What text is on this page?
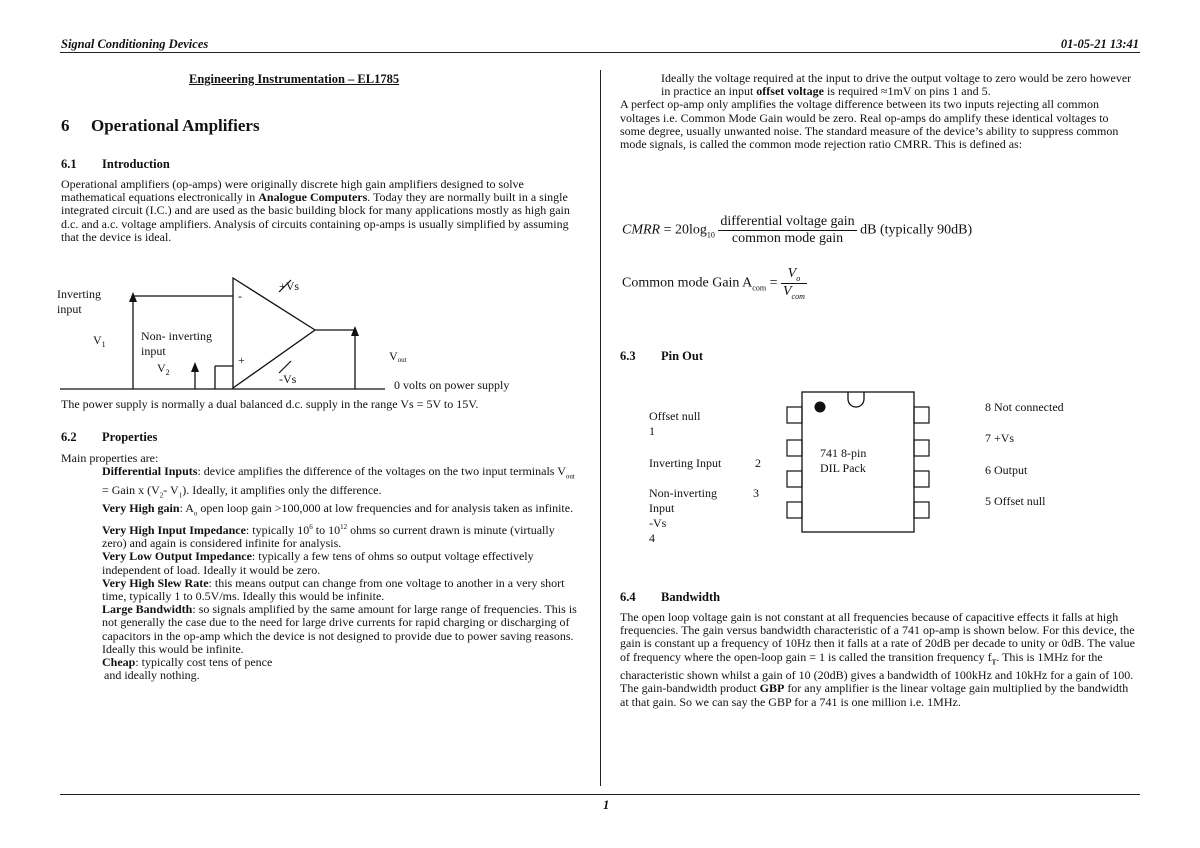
Signal Conditioning Devices	01-05-21 13:41
Engineering Instrumentation – EL1785
6 Operational Amplifiers
6.1 Introduction

Operational amplifiers (op-amps) were originally discrete high gain amplifiers designed to solve mathematical equations electronically in Analogue Computers. Today they are normally built in a single integrated circuit (I.C.) and are used as the basic building block for many applications mostly as high gain d.c. and a.c. voltage amplifiers. Analysis of circuits containing op-amps is usually simplified by assuming that the device is ideal.

Inverting
input
$V_1$
Non- inverting
input
$V_2$
-
+
+Vs
-Vs
Vout
0 volts on power supply
The power supply is normally a dual balanced d.c. supply in the range Vs = 5V to 15V.
6.2 Properties

Main properties are:

Differential Inputs: device amplifies the difference of the voltages on the two input terminals $V_{out}$ = Gain x ($V_2-$ $V_1$). Ideally, it amplifies only the difference.
Very High gain: $A_o$ open loop gain >100,000 at low frequencies and for analysis taken as infinite.
Very High Input Impedance: typically $10^6$ to $10^{12}$ ohms so current drawn is minute (virtually zero) and again is considered infinite for analysis.
Very Low Output Impedance: typically a few tens of ohms so output voltage effectively independent of load. Ideally it would be zero.
Very High Slew Rate: this means output can change from one voltage to another in a very short time, typically 1 to 0.5V/ms. Ideally this would be infinite.
Large Bandwidth: so signals amplified by the same amount for large range of frequencies. This is not generally the case due to the need for large drive currents for rapid charging or discharging of capacitors in the op-amp which the device is not designed to provide due to power saving reasons. Ideally this would be infinite.
Cheap: typically cost tens of pence
and ideally nothing.

Ideally the voltage required at the input to drive the output voltage to zero would be zero however in practice an input offset voltage is required ≈1mV on pins 1 and 5.

A perfect op-amp only amplifies the voltage difference between its two inputs rejecting all common voltages i.e. Common Mode Gain would be zero. Real op-amps do amplify these identical voltages to some degree, usually unwanted noise. The standard measure of the device’s ability to suppress common mode signals, is called the common mode rejection ratio CMRR. This is defined as:

CMRR = $20\log_{10} \frac{\text{differential voltage gain}}{\text{common mode gain}}$ dB (typically 90dB)
Common mode Gain $A_{com} = \frac{V_o}{V_{com}}$
6.3 Pin Out
741 8-pin
DIL Pack
Offset null
1
Inverting Input	2
Non-inverting	3
Input
-Vs
4
8 Not connected
7 +Vs
6 Output
5 Offset null
6.4 Bandwidth

The open loop voltage gain is not constant at all frequencies because of capacitive effects it falls at high frequencies. The gain versus bandwidth characteristic of a 741 op-amp is shown below. For this device, the gain is constant up a frequency of 10Hz then it falls at a rate of 20dB per decade to unity or 0dB. The value of frequency where the open-loop gain = 1 is called the transition frequency $f_T$. This is 1MHz for the characteristic shown whilst a gain of 10 (20dB) gives a bandwidth of 100kHz and 10kHz for a gain of 100. The gain-bandwidth product GBP for any amplifier is the linear voltage gain multiplied by the bandwidth at that gain. So we can say the GBP for a 741 is one million i.e. 1MHz.

1
